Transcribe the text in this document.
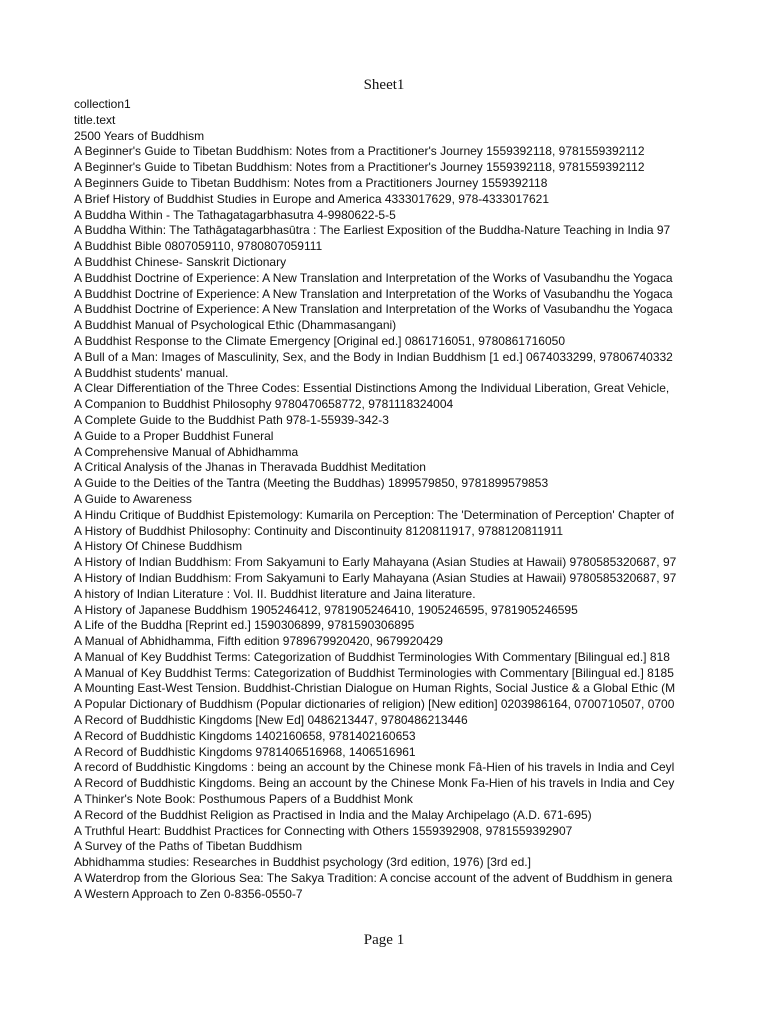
Sheet1
collection1
title.text
2500 Years of Buddhism
A Beginner's Guide to Tibetan Buddhism: Notes from a Practitioner's Journey 1559392118, 9781559392112
A Beginner's Guide to Tibetan Buddhism: Notes from a Practitioner's Journey 1559392118, 9781559392112
A Beginners Guide to Tibetan Buddhism: Notes from a Practitioners Journey 1559392118
A Brief History of Buddhist Studies in Europe and America 4333017629, 978-4333017621
A Buddha Within - The Tathagatagarbhasutra 4-9980622-5-5
A Buddha Within: The Tathāgatagarbhasūtra : The Earliest Exposition of the Buddha-Nature Teaching in India 97
A Buddhist Bible 0807059110, 9780807059111
A Buddhist Chinese- Sanskrit Dictionary
A Buddhist Doctrine of Experience: A New Translation and Interpretation of the Works of Vasubandhu the Yogaca
A Buddhist Doctrine of Experience: A New Translation and Interpretation of the Works of Vasubandhu the Yogaca
A Buddhist Doctrine of Experience: A New Translation and Interpretation of the Works of Vasubandhu the Yogaca
A Buddhist Manual of Psychological Ethic (Dhammasangani)
A Buddhist Response to the Climate Emergency [Original ed.] 0861716051, 9780861716050
A Bull of a Man: Images of Masculinity, Sex, and the Body in Indian Buddhism [1 ed.] 0674033299, 97806740332
A Buddhist students' manual.
A Clear Differentiation of the Three Codes: Essential Distinctions Among the Individual Liberation, Great Vehicle,
A Companion to Buddhist Philosophy 9780470658772, 9781118324004
A Complete Guide to the Buddhist Path 978-1-55939-342-3
A Guide to a Proper Buddhist Funeral
A Comprehensive Manual of Abhidhamma
A Critical Analysis of the Jhanas in Theravada Buddhist Meditation
A Guide to the Deities of the Tantra (Meeting the Buddhas) 1899579850, 9781899579853
A Guide to Awareness
A Hindu Critique of Buddhist Epistemology: Kumarila on Perception: The 'Determination of Perception' Chapter of
A History of Buddhist Philosophy: Continuity and Discontinuity 8120811917, 9788120811911
A History Of Chinese Buddhism
A History of Indian Buddhism: From Sakyamuni to Early Mahayana (Asian Studies at Hawaii) 9780585320687, 97
A History of Indian Buddhism: From Sakyamuni to Early Mahayana (Asian Studies at Hawaii) 9780585320687, 97
A history of Indian Literature : Vol. II. Buddhist literature and Jaina literature.
A History of Japanese Buddhism 1905246412, 9781905246410, 1905246595, 9781905246595
A Life of the Buddha [Reprint ed.] 1590306899, 9781590306895
A Manual of Abhidhamma, Fifth edition 9789679920420, 9679920429
A Manual of Key Buddhist Terms: Categorization of Buddhist Terminologies With Commentary [Bilingual ed.] 818
A Manual of Key Buddhist Terms: Categorization of Buddhist Terminologies with Commentary [Bilingual ed.] 8185
A Mounting East-West Tension. Buddhist-Christian Dialogue on Human Rights, Social Justice & a Global Ethic (M
A Popular Dictionary of Buddhism (Popular dictionaries of religion) [New edition] 0203986164, 0700710507, 0700
A Record of Buddhistic Kingdoms [New Ed] 0486213447, 9780486213446
A Record of Buddhistic Kingdoms 1402160658, 9781402160653
A Record of Buddhistic Kingdoms 9781406516968, 1406516961
A record of Buddhistic Kingdoms : being an account by the Chinese monk Fâ-Hien of his travels in India and Ceyl
A Record of Buddhistic Kingdoms. Being an account by the Chinese Monk Fa-Hien of his travels in India and Cey
A Thinker's Note Book: Posthumous Papers of a Buddhist Monk
A Record of the Buddhist Religion as Practised in India and the Malay Archipelago (A.D. 671-695)
A Truthful Heart: Buddhist Practices for Connecting with Others 1559392908, 9781559392907
A Survey of the Paths of Tibetan Buddhism
Abhidhamma studies: Researches in Buddhist psychology (3rd edition, 1976) [3rd ed.]
A Waterdrop from the Glorious Sea: The Sakya Tradition: A concise account of the advent of Buddhism in genera
A Western Approach to Zen 0-8356-0550-7
Page 1
